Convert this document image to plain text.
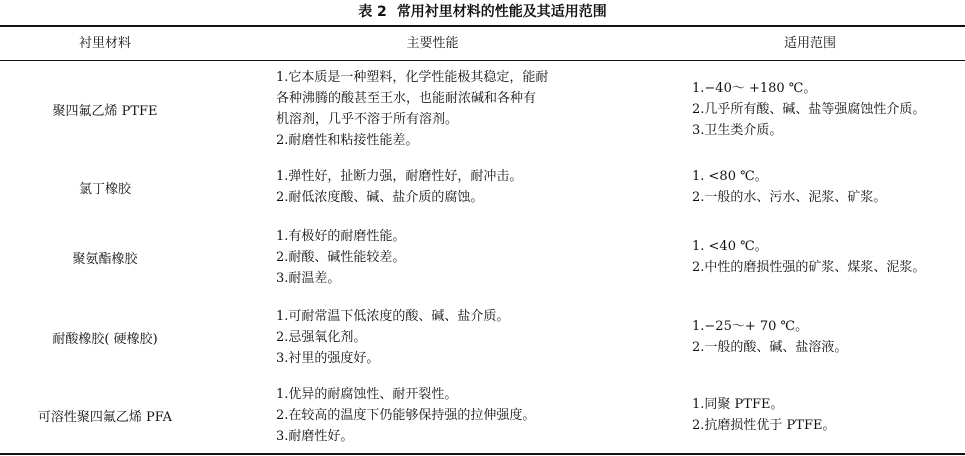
表 2 常用衬里材料的性能及其适用范围
衬里材料	主要性能	适用范围
聚四氟乙烯 PTFE
1.它本质是一种塑料，化学性能极其稳定，能耐
各种沸腾的酸甚至王水，也能耐浓碱和各种有
机溶剂，几乎不溶于所有溶剂。
2.耐磨性和粘接性能差。
1.−40～ +180 ℃。
2.几乎所有酸、碱、盐等强腐蚀性介质。
3.卫生类介质。
氯丁橡胶
1.弹性好，扯断力强，耐磨性好，耐冲击。
2.耐低浓度酸、碱、盐介质的腐蚀。
1. <80 ℃。
2.一般的水、污水、泥浆、矿浆。
聚氨酯橡胶
1.有极好的耐磨性能。
2.耐酸、碱性能较差。
3.耐温差。
1. <40 ℃。
2.中性的磨损性强的矿浆、煤浆、泥浆。
耐酸橡胶( 硬橡胶)
1.可耐常温下低浓度的酸、碱、盐介质。
2.忌强氧化剂。
3.衬里的强度好。
1.−25～+ 70 ℃。
2.一般的酸、碱、盐溶液。
可溶性聚四氟乙烯 PFA
1.优异的耐腐蚀性、耐开裂性。
2.在较高的温度下仍能够保持强的拉伸强度。
3.耐磨性好。
1.同聚 PTFE。
2.抗磨损性优于 PTFE。
